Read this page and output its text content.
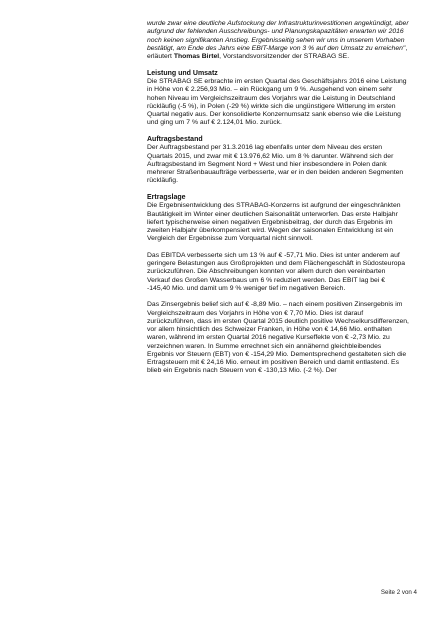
wurde zwar eine deutliche Aufstockung der Infrastrukturinvestitionen angekündigt, aber aufgrund der fehlenden Ausschreibungs- und Planungskapazitäten erwarten wir 2016 noch keinen signifikanten Anstieg. Ergebnisseitig sehen wir uns in unserem Vorhaben bestätigt, am Ende des Jahrs eine EBIT-Marge von 3 % auf den Umsatz zu erreichen", erläutert Thomas Birtel, Vorstandsvorsitzender der STRABAG SE.

Leistung und Umsatz

Die STRABAG SE erbrachte im ersten Quartal des Geschäftsjahrs 2016 eine Leistung in Höhe von € 2.256,93 Mio. – ein Rückgang um 9 %. Ausgehend von einem sehr hohen Niveau im Vergleichszeitraum des Vorjahrs war die Leistung in Deutschland rückläufig (-5 %), in Polen (-29 %) wirkte sich die ungünstigere Witterung im ersten Quartal negativ aus. Der konsolidierte Konzernumsatz sank ebenso wie die Leistung und ging um 7 % auf € 2.124,01 Mio. zurück.

Auftragsbestand

Der Auftragsbestand per 31.3.2016 lag ebenfalls unter dem Niveau des ersten Quartals 2015, und zwar mit € 13.976,62 Mio. um 8 % darunter. Während sich der Auftragsbestand im Segment Nord + West und hier insbesondere in Polen dank mehrerer Straßenbauaufträge verbesserte, war er in den beiden anderen Segmenten rückläufig.

Ertragslage

Die Ergebnisentwicklung des STRABAG-Konzerns ist aufgrund der eingeschränkten Bautätigkeit im Winter einer deutlichen Saisonalität unterworfen. Das erste Halbjahr liefert typischerweise einen negativen Ergebnisbeitrag, der durch das Ergebnis im zweiten Halbjahr überkompensiert wird. Wegen der saisonalen Entwicklung ist ein Vergleich der Ergebnisse zum Vorquartal nicht sinnvoll.

Das EBITDA verbesserte sich um 13 % auf € -57,71 Mio. Dies ist unter anderem auf geringere Belastungen aus Großprojekten und dem Flächengeschäft in Südosteuropa zurückzuführen. Die Abschreibungen konnten vor allem durch den vereinbarten Verkauf des Großen Wasserbaus um 6 % reduziert werden. Das EBIT lag bei € -145,40 Mio. und damit um 9 % weniger tief im negativen Bereich.

Das Zinsergebnis belief sich auf € -8,89 Mio. – nach einem positiven Zinsergebnis im Vergleichszeitraum des Vorjahrs in Höhe von € 7,70 Mio. Dies ist darauf zurückzuführen, dass im ersten Quartal 2015 deutlich positive Wechselkursdifferenzen, vor allem hinsichtlich des Schweizer Franken, in Höhe von € 14,66 Mio. enthalten waren, während im ersten Quartal 2016 negative Kurseffekte von € -2,73 Mio. zu verzeichnen waren. In Summe errechnet sich ein annähernd gleichbleibendes Ergebnis vor Steuern (EBT) von € -154,29 Mio. Dementsprechend gestalteten sich die Ertragsteuern mit € 24,16 Mio. erneut im positiven Bereich und damit entlastend. Es blieb ein Ergebnis nach Steuern von € -130,13 Mio. (-2 %). Der

Seite 2 von 4
